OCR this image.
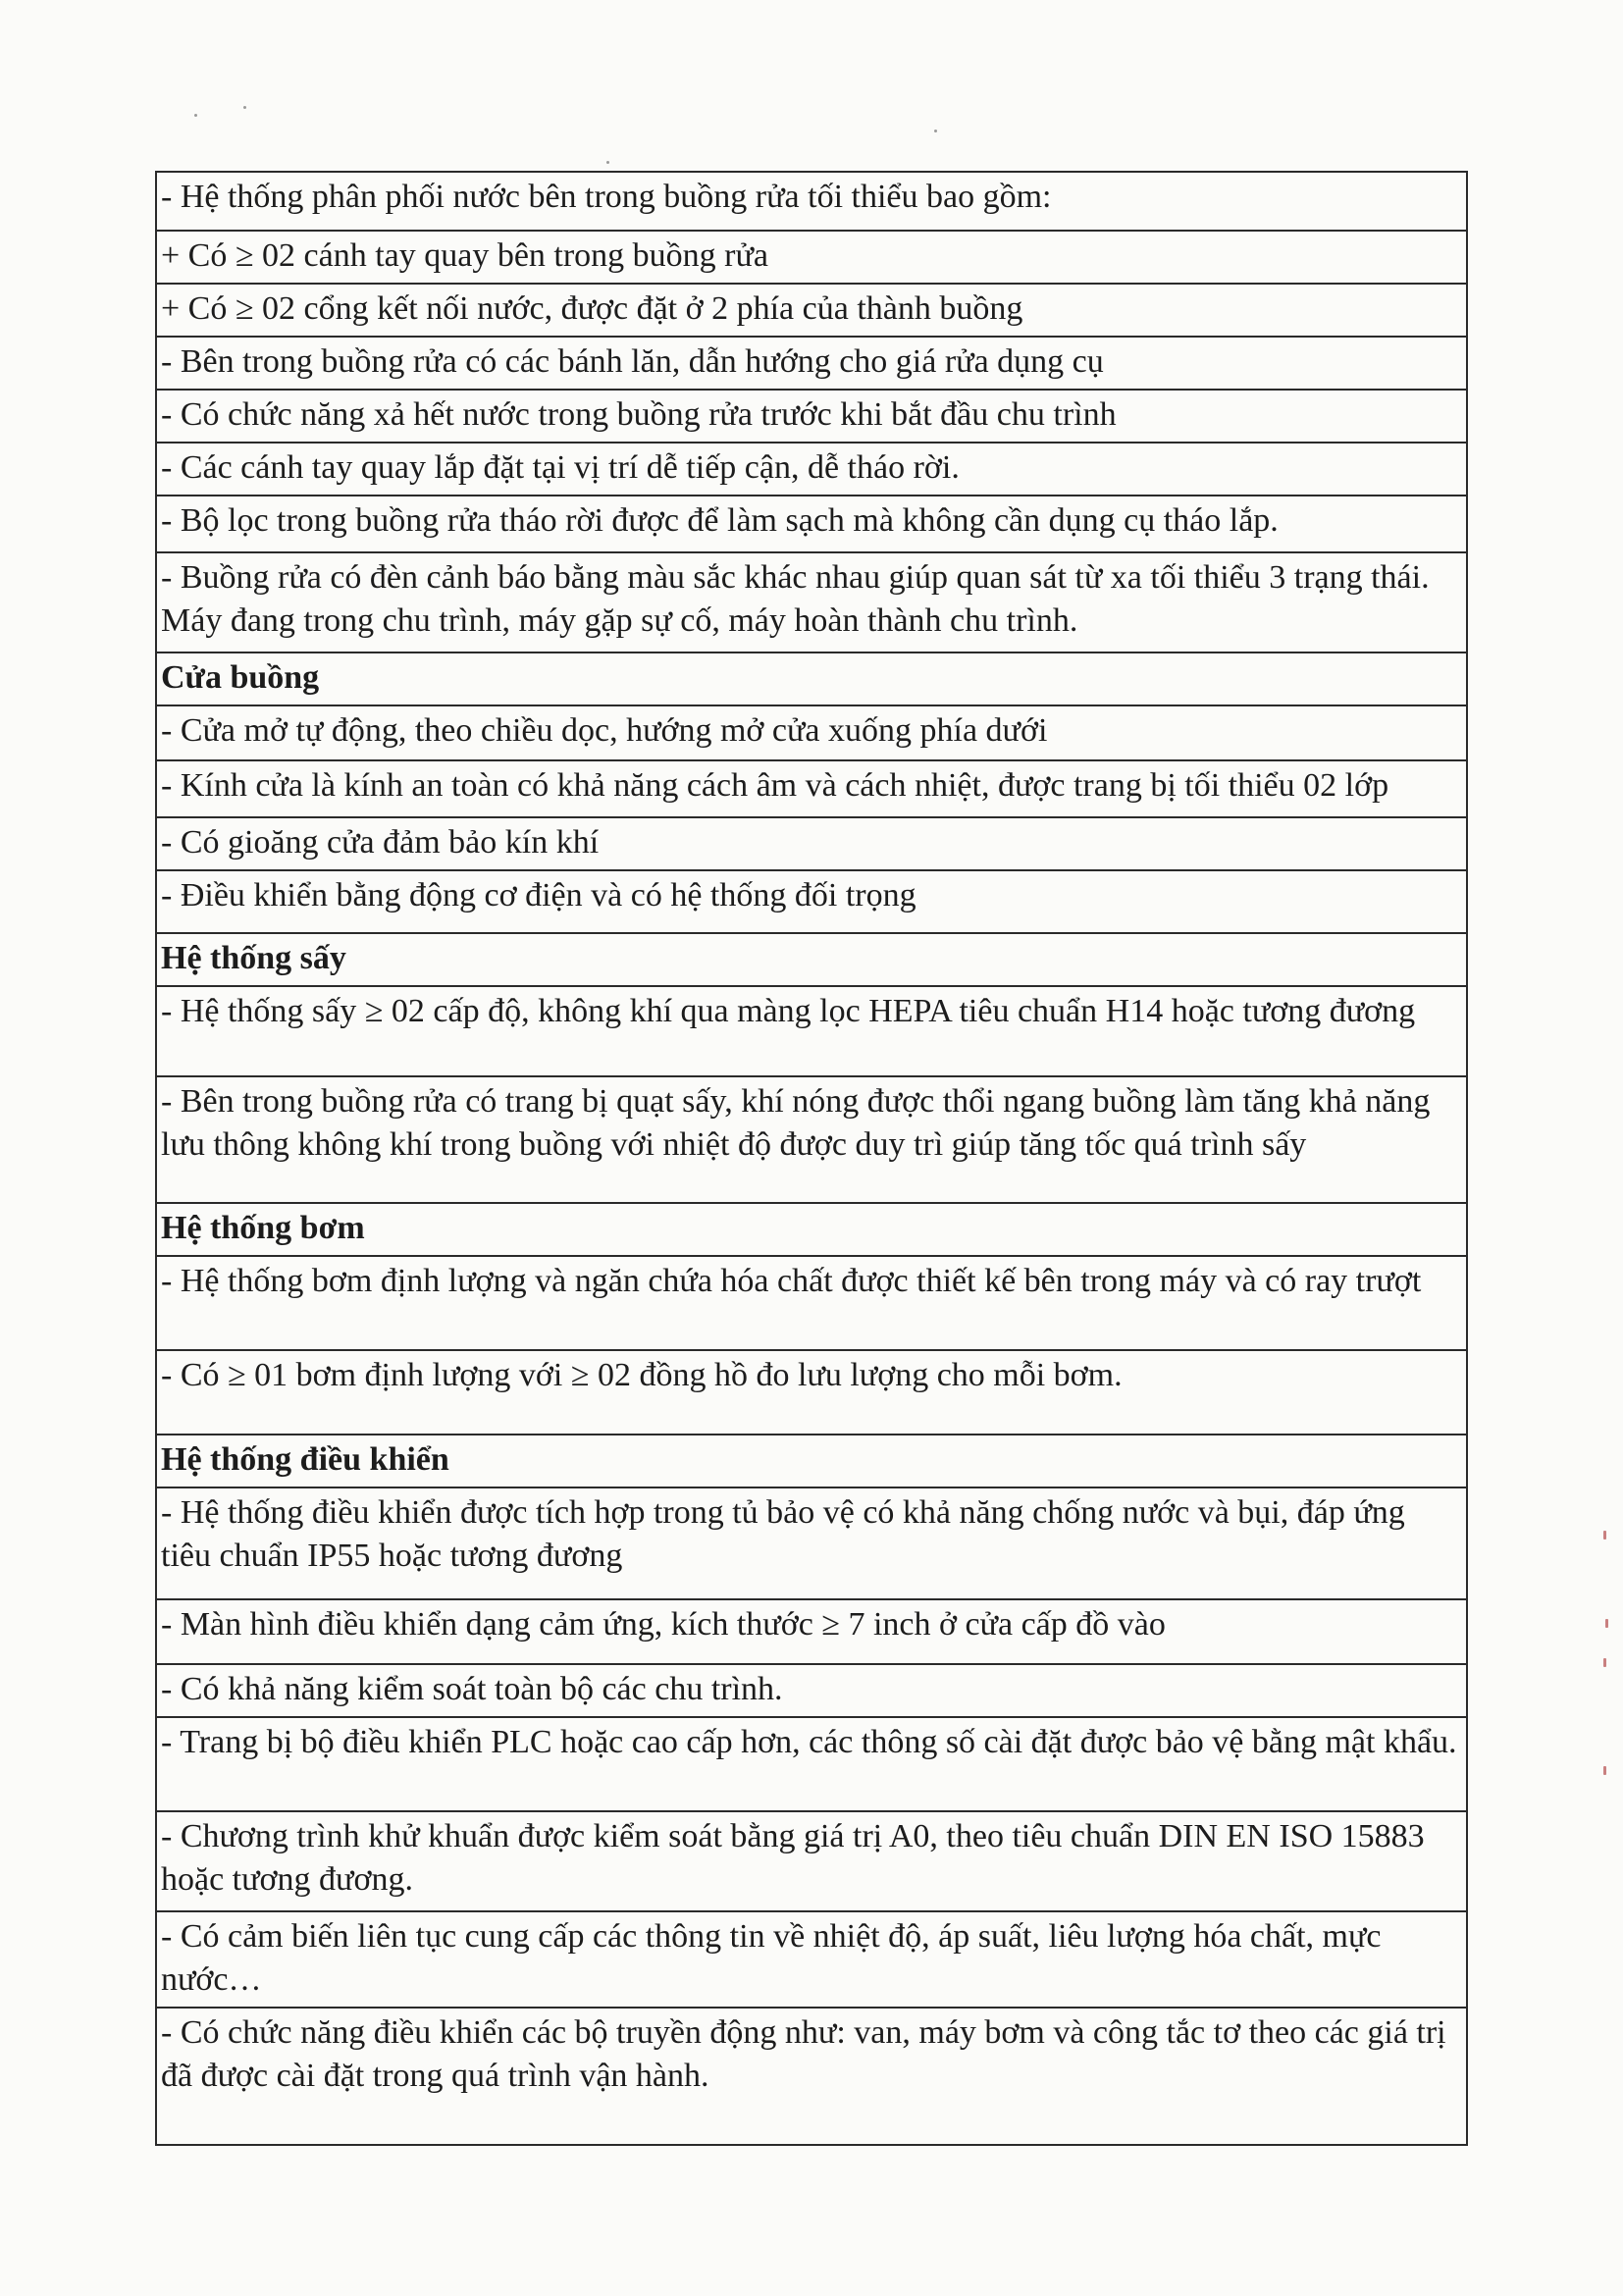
- Hệ thống phân phối nước bên trong buồng rửa tối thiểu bao gồm:
+ Có ≥ 02 cánh tay quay bên trong buồng rửa
+ Có ≥ 02 cổng kết nối nước, được đặt ở 2 phía của thành buồng
- Bên trong buồng rửa có các bánh lăn, dẫn hướng cho giá rửa dụng cụ
- Có chức năng xả hết nước trong buồng rửa trước khi bắt đầu chu trình
- Các cánh tay quay lắp đặt tại vị trí dễ tiếp cận, dễ tháo rời.
- Bộ lọc trong buồng rửa tháo rời được để làm sạch mà không cần dụng cụ tháo lắp.
- Buồng rửa có đèn cảnh báo bằng màu sắc khác nhau giúp quan sát từ xa tối thiểu 3 trạng thái. Máy đang trong chu trình, máy gặp sự cố, máy hoàn thành chu trình.
Cửa buồng
- Cửa mở tự động, theo chiều dọc, hướng mở cửa xuống phía dưới
- Kính cửa là kính an toàn có khả năng cách âm và cách nhiệt, được trang bị tối thiểu 02 lớp
- Có gioăng cửa đảm bảo kín khí
- Điều khiển bằng động cơ điện và có hệ thống đối trọng
Hệ thống sấy
- Hệ thống sấy ≥ 02 cấp độ, không khí qua màng lọc HEPA tiêu chuẩn H14 hoặc tương đương
- Bên trong buồng rửa có trang bị quạt sấy, khí nóng được thổi ngang buồng làm tăng khả năng lưu thông không khí trong buồng với nhiệt độ được duy trì giúp tăng tốc quá trình sấy
Hệ thống bơm
- Hệ thống bơm định lượng và ngăn chứa hóa chất được thiết kế bên trong máy và có ray trượt
- Có ≥ 01 bơm định lượng với ≥ 02 đồng hồ đo lưu lượng cho mỗi bơm.
Hệ thống điều khiển
- Hệ thống điều khiển được tích hợp trong tủ bảo vệ có khả năng chống nước và bụi, đáp ứng tiêu chuẩn IP55 hoặc tương đương
- Màn hình điều khiển dạng cảm ứng, kích thước ≥ 7 inch ở cửa cấp đồ vào
- Có khả năng kiểm soát toàn bộ các chu trình.
- Trang bị bộ điều khiển PLC hoặc cao cấp hơn, các thông số cài đặt được bảo vệ bằng mật khẩu.
- Chương trình khử khuẩn được kiểm soát bằng giá trị A0, theo tiêu chuẩn DIN EN ISO 15883 hoặc tương đương.
- Có cảm biến liên tục cung cấp các thông tin về nhiệt độ, áp suất, liêu lượng hóa chất, mực nước…
- Có chức năng điều khiển các bộ truyền động như: van, máy bơm và công tắc tơ theo các giá trị đã được cài đặt trong quá trình vận hành.
